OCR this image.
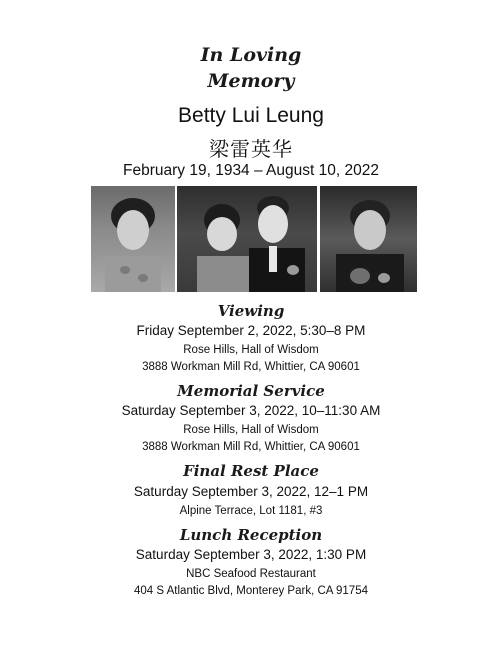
In Loving
Memory
Betty Lui Leung
梁雷英华
February 19, 1934 – August 10, 2022
Viewing
Friday September 2, 2022, 5:30–8 PM
Rose Hills, Hall of Wisdom
3888 Workman Mill Rd, Whittier, CA 90601
Memorial Service
Saturday September 3, 2022, 10–11:30 AM
Rose Hills, Hall of Wisdom
3888 Workman Mill Rd, Whittier, CA 90601
Final Rest Place
Saturday September 3, 2022, 12–1 PM
Alpine Terrace, Lot 1181, #3
Lunch Reception
Saturday September 3, 2022, 1:30 PM
NBC Seafood Restaurant
404 S Atlantic Blvd, Monterey Park, CA 91754
